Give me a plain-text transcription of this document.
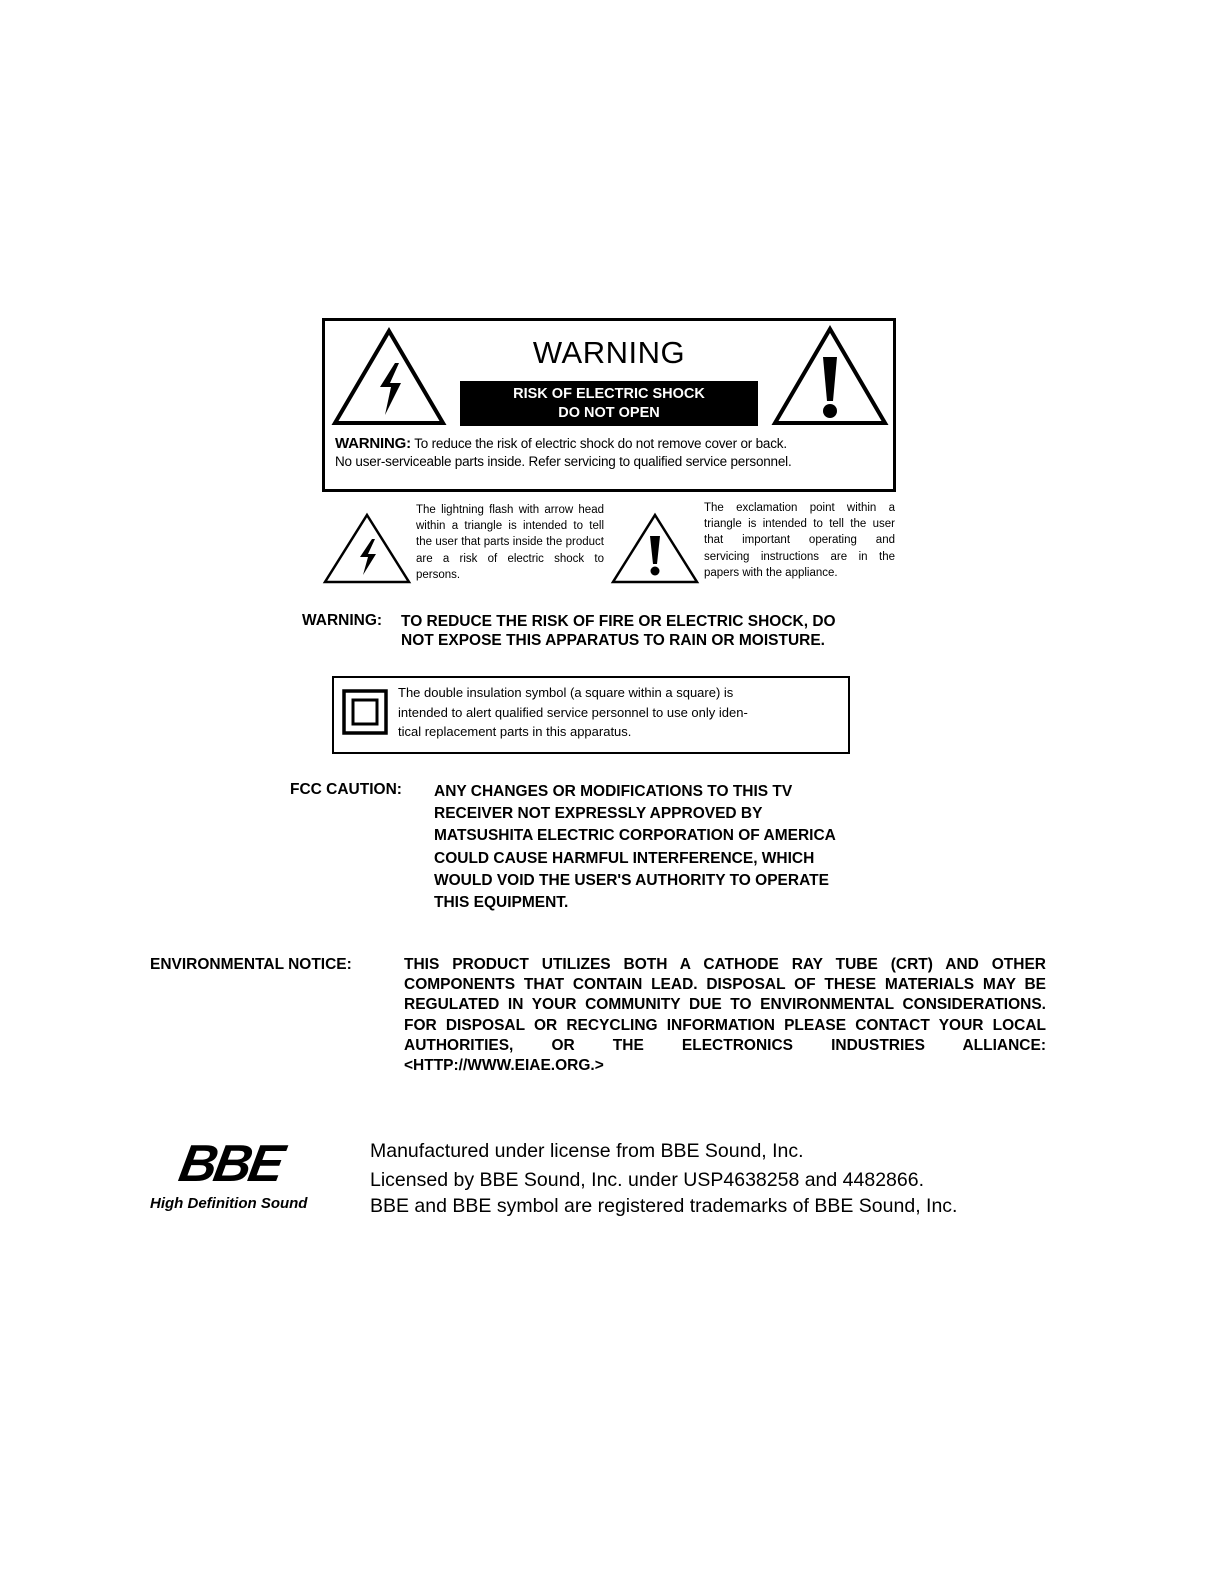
WARNING
RISK OF ELECTRIC SHOCK
DO NOT OPEN
WARNING: To reduce the risk of electric shock do not remove cover or back.
No user-serviceable parts inside. Refer servicing to qualified service personnel.
The lightning flash with arrow head within a triangle is intended to tell the user that parts inside the product are a risk of electric shock to persons.
The exclamation point within a triangle is intended to tell the user that important operating and servicing instructions are in the papers with the appliance.
WARNING: TO REDUCE THE RISK OF FIRE OR ELECTRIC SHOCK, DO
NOT EXPOSE THIS APPARATUS TO RAIN OR MOISTURE.
The double insulation symbol (a square within a square) is
intended to alert qualified service personnel to use only iden-
tical replacement parts in this apparatus.
FCC CAUTION: ANY CHANGES OR MODIFICATIONS TO THIS TV
RECEIVER NOT EXPRESSLY APPROVED BY
MATSUSHITA ELECTRIC CORPORATION OF AMERICA
COULD CAUSE HARMFUL INTERFERENCE, WHICH
WOULD VOID THE USER'S AUTHORITY TO OPERATE
THIS EQUIPMENT.
ENVIRONMENTAL NOTICE:	THIS PRODUCT UTILIZES BOTH A CATHODE RAY TUBE (CRT) AND OTHER COMPONENTS THAT CONTAIN LEAD. DISPOSAL OF THESE MATERIALS MAY BE REGULATED IN YOUR COMMUNITY DUE TO ENVIRONMENTAL CONSIDERATIONS. FOR DISPOSAL OR RECYCLING INFORMATION PLEASE CONTACT YOUR LOCAL AUTHORITIES, OR THE ELECTRONICS INDUSTRIES ALLIANCE: <HTTP://WWW.EIAE.ORG.>
BBE
High Definition Sound
Manufactured under license from BBE Sound, Inc.
Licensed by BBE Sound, Inc. under USP4638258 and 4482866.
BBE and BBE symbol are registered trademarks of BBE Sound, Inc.
